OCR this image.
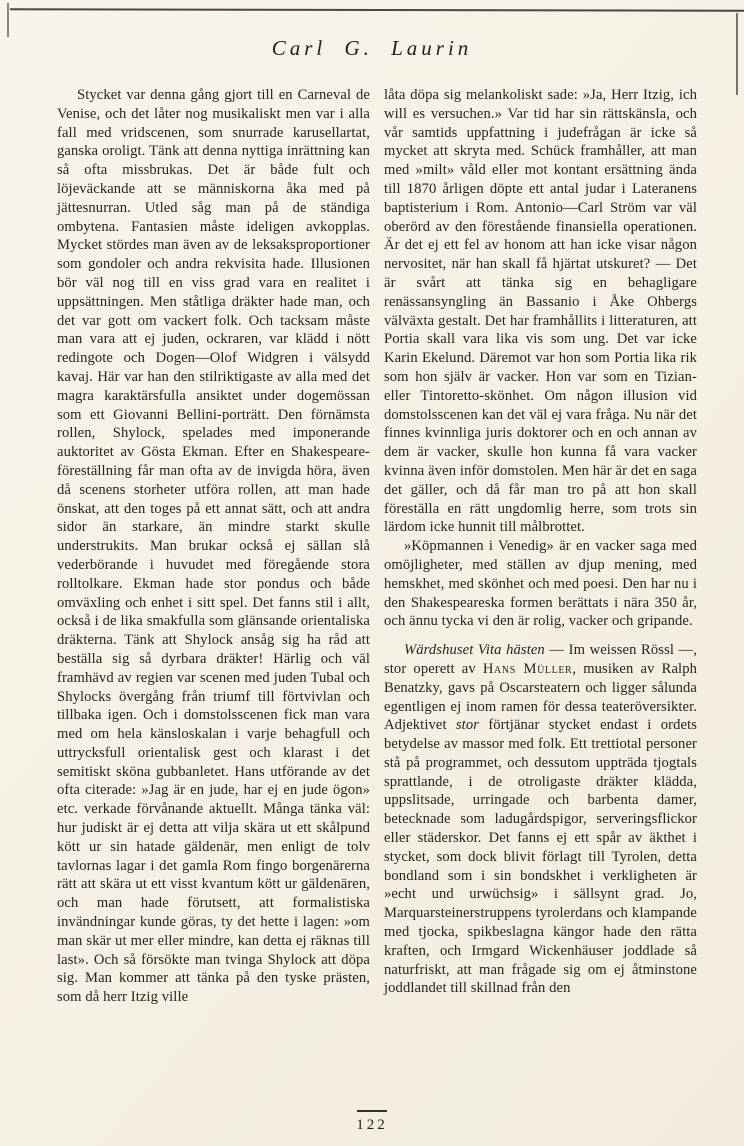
Carl G. Laurin

Stycket var denna gång gjort till en Carneval de Venise, och det låter nog musikaliskt men var i alla fall med vridscenen, som snurrade karusellartat, ganska oroligt. Tänk att denna nyttiga inrättning kan så ofta missbrukas. Det är både fult och löjeväckande att se människorna åka med på jättesnurran. Utled såg man på de ständiga ombytena. Fantasien måste ideligen avkopplas. Mycket stördes man även av de leksaksproportioner som gondoler och andra rekvisita hade. Illusionen bör väl nog till en viss grad vara en realitet i uppsättningen. Men ståtliga dräkter hade man, och det var gott om vackert folk. Och tacksam måste man vara att ej juden, ockraren, var klädd i nött redingote och Dogen—Olof Widgren i välsydd kavaj. Här var han den stilriktigaste av alla med det magra karaktärsfulla ansiktet under dogemössan som ett Giovanni Bellini-porträtt. Den förnämsta rollen, Shylock, spelades med imponerande auktoritet av Gösta Ekman. Efter en Shakespeare-föreställning får man ofta av de invigda höra, även då scenens storheter utföra rollen, att man hade önskat, att den toges på ett annat sätt, och att andra sidor än starkare, än mindre starkt skulle understrukits. Man brukar också ej sällan slå vederbörande i huvudet med föregående stora rolltolkare. Ekman hade stor pondus och både omväxling och enhet i sitt spel. Det fanns stil i allt, också i de lika smakfulla som glänsande orientaliska dräkterna. Tänk att Shylock ansåg sig ha råd att beställa sig så dyrbara dräkter! Härlig och väl framhävd av regien var scenen med juden Tubal och Shylocks övergång från triumf till förtvivlan och tillbaka igen. Och i domstolsscenen fick man vara med om hela känsloskalan i varje behagfull och uttrycksfull orientalisk gest och klarast i det semitiskt sköna gubbanletet. Hans utförande av det ofta citerade: »Jag är en jude, har ej en jude ögon» etc. verkade förvånande aktuellt. Många tänka väl: hur judiskt är ej detta att vilja skära ut ett skålpund kött ur sin hatade gäldenär, men enligt de tolv tavlornas lagar i det gamla Rom fingo borgenärerna rätt att skära ut ett visst kvantum kött ur gäldenären, och man hade förutsett, att formalistiska invändningar kunde göras, ty det hette i lagen: »om man skär ut mer eller mindre, kan detta ej räknas till last». Och så försökte man tvinga Shylock att döpa sig. Man kommer att tänka på den tyske prästen, som då herr Itzig ville

låta döpa sig melankoliskt sade: »Ja, Herr Itzig, ich will es versuchen.» Var tid har sin rättskänsla, och vår samtids uppfattning i judefrågan är icke så mycket att skryta med. Schück framhåller, att man med »milt» våld eller mot kontant ersättning ända till 1870 årligen döpte ett antal judar i Lateranens baptisterium i Rom. Antonio—Carl Ström var väl oberörd av den förestående finansiella operationen. Är det ej ett fel av honom att han icke visar någon nervositet, när han skall få hjärtat utskuret? — Det är svårt att tänka sig en behagligare renässansyngling än Bassanio i Åke Ohbergs välväxta gestalt. Det har framhållits i litteraturen, att Portia skall vara lika vis som ung. Det var icke Karin Ekelund. Däremot var hon som Portia lika rik som hon själv är vacker. Hon var som en Tizian- eller Tintoretto-skönhet. Om någon illusion vid domstolsscenen kan det väl ej vara fråga. Nu när det finnes kvinnliga juris doktorer och en och annan av dem är vacker, skulle hon kunna få vara vacker kvinna även inför domstolen. Men här är det en saga det gäller, och då får man tro på att hon skall föreställa en rätt ungdomlig herre, som trots sin lärdom icke hunnit till målbrottet.

»Köpmannen i Venedig» är en vacker saga med omöjligheter, med ställen av djup mening, med hemskhet, med skönhet och med poesi. Den har nu i den Shakespeareska formen berättats i nära 350 år, och ännu tycka vi den är rolig, vacker och gripande.

Wärdshuset Vita hästen — Im weissen Rössl —, stor operett av Hans Müller, musiken av Ralph Benatzky, gavs på Oscarsteatern och ligger sålunda egentligen ej inom ramen för dessa teateröversikter. Adjektivet stor förtjänar stycket endast i ordets betydelse av massor med folk. Ett trettiotal personer stå på programmet, och dessutom uppträda tjogtals sprattlande, i de otroligaste dräkter klädda, uppslitsade, urringade och barbenta damer, betecknade som ladugårdspigor, serveringsflickor eller städerskor. Det fanns ej ett spår av äkthet i stycket, som dock blivit förlagt till Tyrolen, detta bondland som i sin bondskhet i verkligheten är »echt und urwüchsig» i sällsynt grad. Jo, Marquarsteinerstruppens tyrolerdans och klampande med tjocka, spikbeslagna kängor hade den rätta kraften, och Irmgard Wickenhäuser joddlade så naturfriskt, att man frågade sig om ej åtminstone joddlandet till skillnad från den

122
